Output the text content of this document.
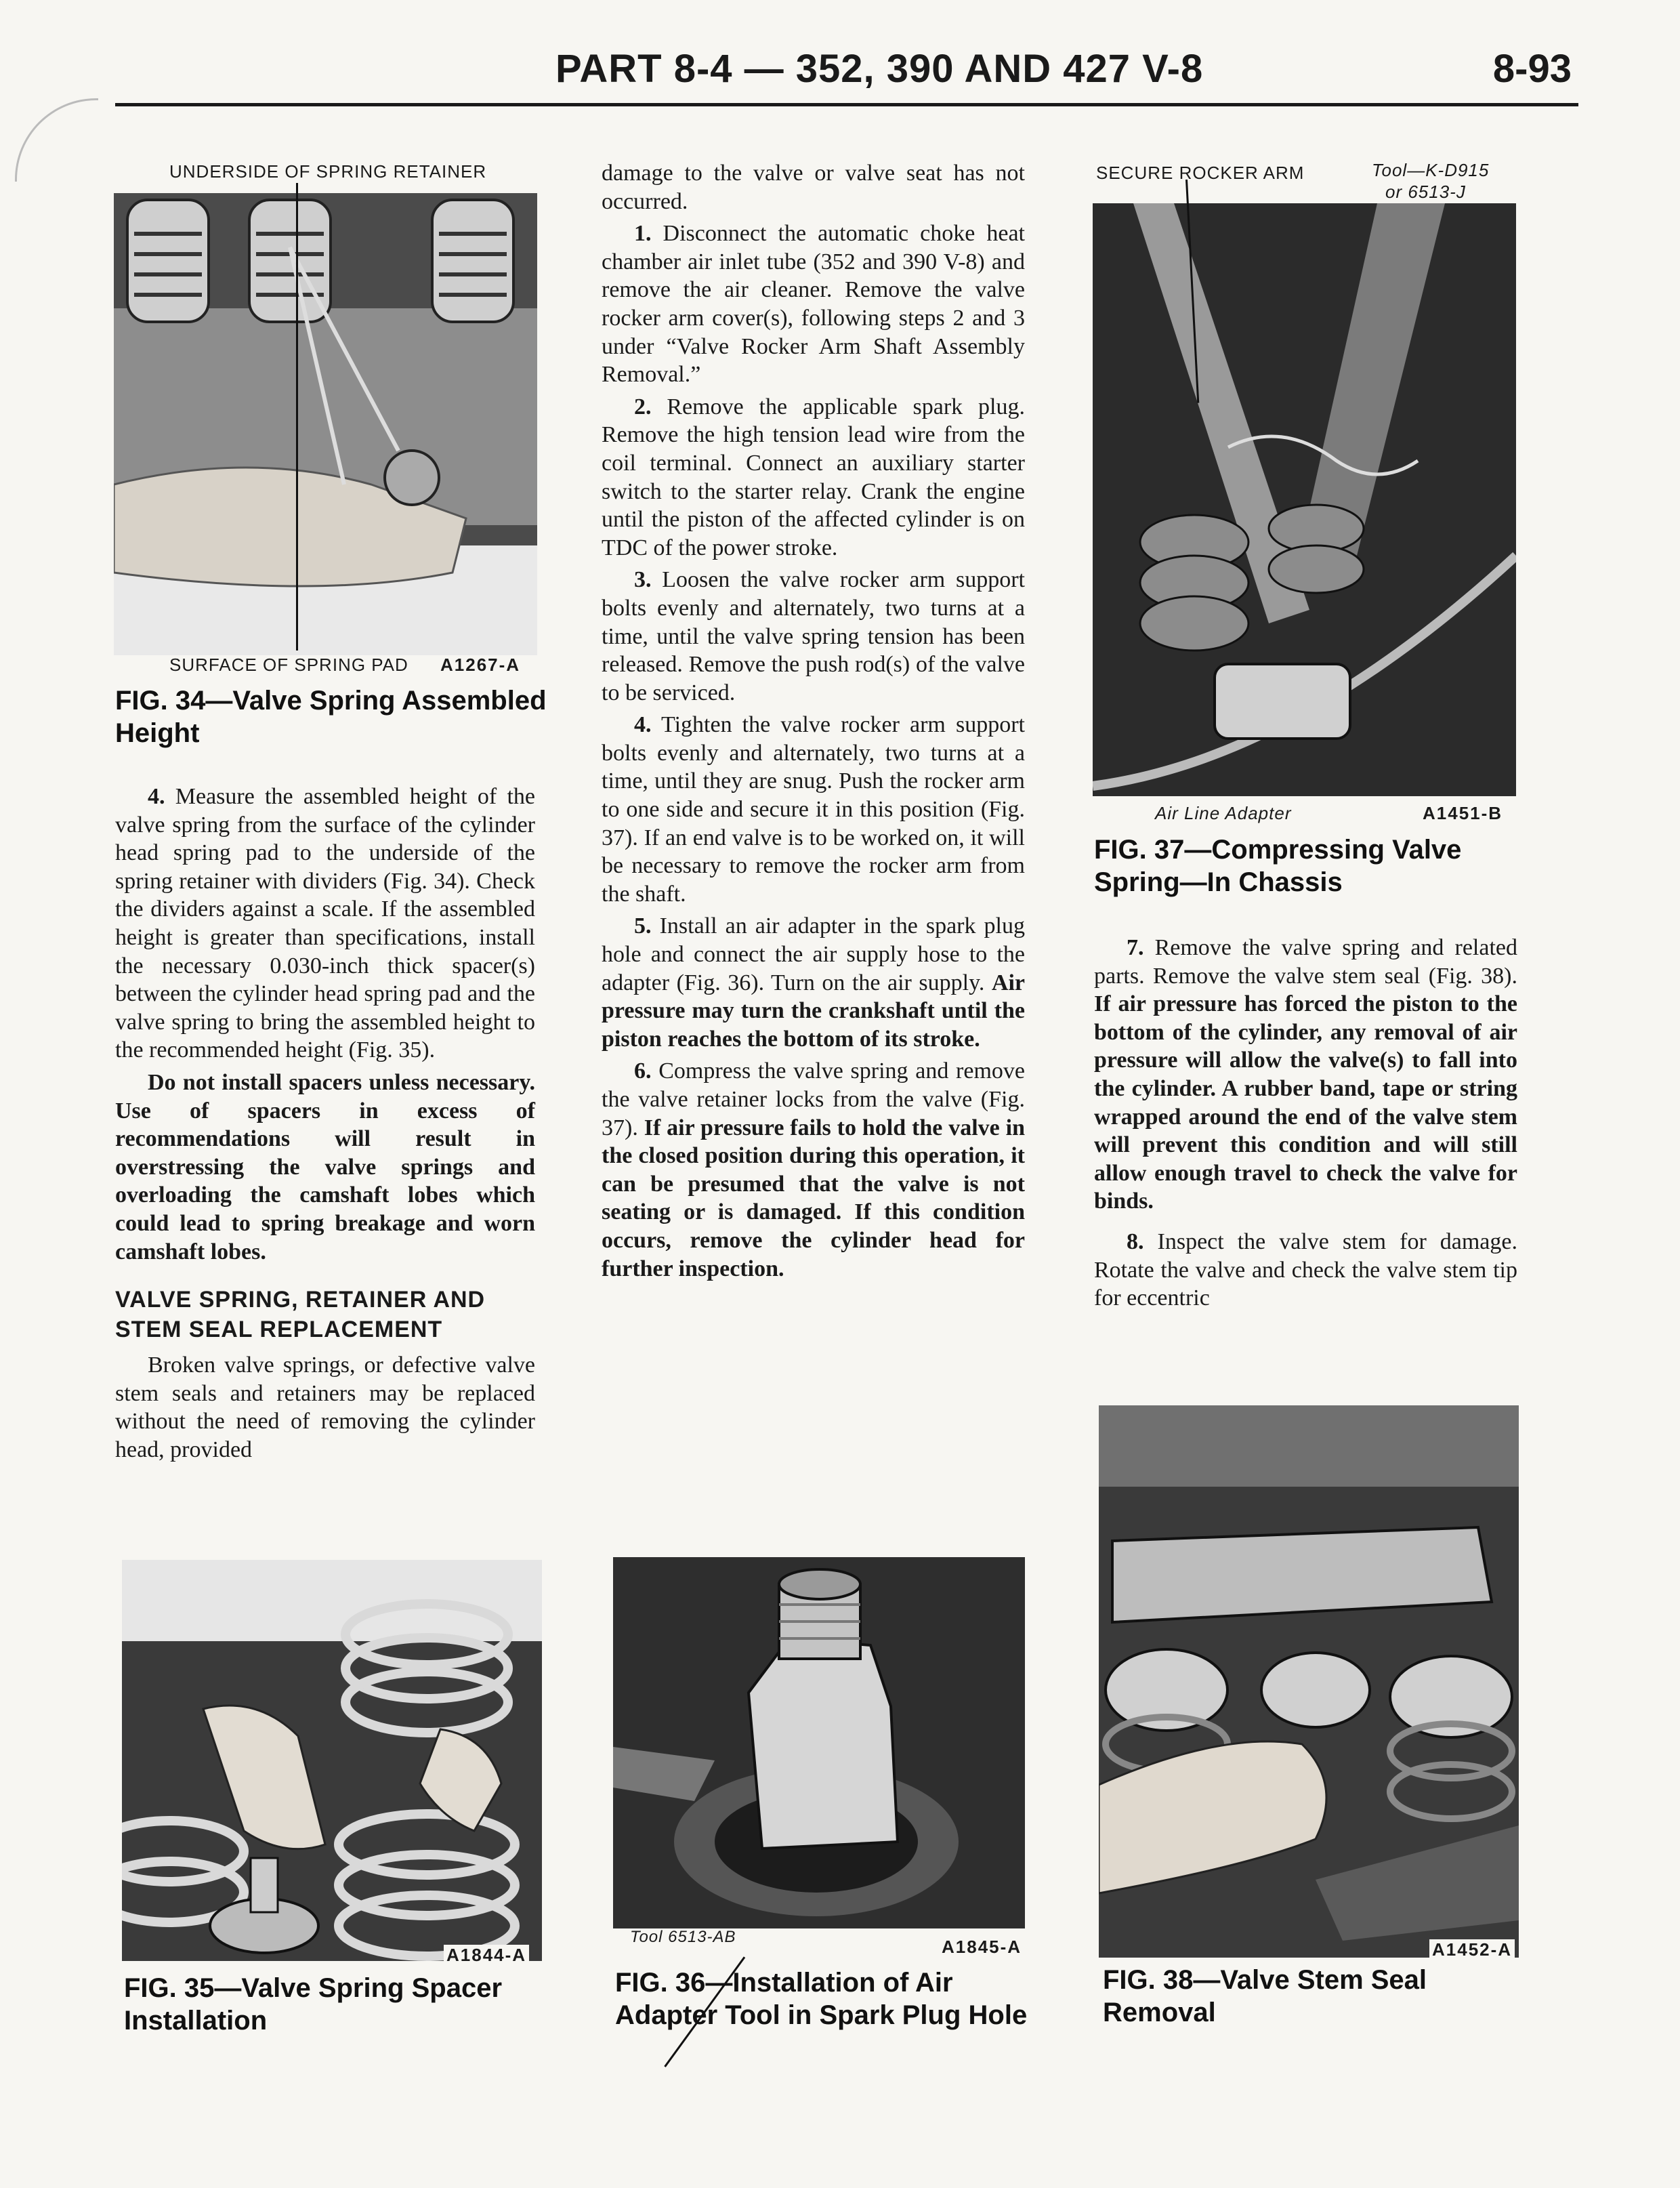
PART 8-4 — 352, 390 AND 427 V-8	8-93
UNDERSIDE OF SPRING RETAINER
SURFACE OF SPRING PAD A1267-A
FIG. 34—Valve Spring Assembled Height

4. Measure the assembled height of the valve spring from the surface of the cylinder head spring pad to the underside of the spring retainer with dividers (Fig. 34). Check the dividers against a scale. If the assembled height is greater than specifications, install the necessary 0.030-inch thick spacer(s) between the cylinder head spring pad and the valve spring to bring the assembled height to the recommended height (Fig. 35).

Do not install spacers unless necessary. Use of spacers in excess of recommendations will result in overstressing the valve springs and overloading the camshaft lobes which could lead to spring breakage and worn camshaft lobes.

VALVE SPRING, RETAINER AND STEM SEAL REPLACEMENT

Broken valve springs, or defective valve stem seals and retainers may be replaced without the need of removing the cylinder head, provided

damage to the valve or valve seat has not occurred.

1. Disconnect the automatic choke heat chamber air inlet tube (352 and 390 V-8) and remove the air cleaner. Remove the valve rocker arm cover(s), following steps 2 and 3 under “Valve Rocker Arm Shaft Assembly Removal.”

2. Remove the applicable spark plug. Remove the high tension lead wire from the coil terminal. Connect an auxiliary starter switch to the starter relay. Crank the engine until the piston of the affected cylinder is on TDC of the power stroke.

3. Loosen the valve rocker arm support bolts evenly and alternately, two turns at a time, until the valve spring tension has been released. Remove the push rod(s) of the valve to be serviced.

4. Tighten the valve rocker arm support bolts evenly and alternately, two turns at a time, until they are snug. Push the rocker arm to one side and secure it in this position (Fig. 37). If an end valve is to be worked on, it will be necessary to remove the rocker arm from the shaft.

5. Install an air adapter in the spark plug hole and connect the air supply hose to the adapter (Fig. 36). Turn on the air supply. Air pressure may turn the crankshaft until the piston reaches the bottom of its stroke.

6. Compress the valve spring and remove the valve retainer locks from the valve (Fig. 37). If air pressure fails to hold the valve in the closed position during this operation, it can be presumed that the valve is not seating or is damaged. If this condition occurs, remove the cylinder head for further inspection.

SECURE ROCKER ARM	Tool—K-D915
or 6513-J
Air Line Adapter	A1451-B
FIG. 37—Compressing Valve Spring—In Chassis

7. Remove the valve spring and related parts. Remove the valve stem seal (Fig. 38). If air pressure has forced the piston to the bottom of the cylinder, any removal of air pressure will allow the valve(s) to fall into the cylinder. A rubber band, tape or string wrapped around the end of the valve stem will prevent this condition and will still allow enough travel to check the valve for binds.

8. Inspect the valve stem for damage. Rotate the valve and check the valve stem tip for eccentric

A1844-A
FIG. 35—Valve Spring Spacer Installation
Tool 6513-AB	A1845-A
FIG. 36—Installation of Air Adapter Tool in Spark Plug Hole
A1452-A
FIG. 38—Valve Stem Seal Removal
